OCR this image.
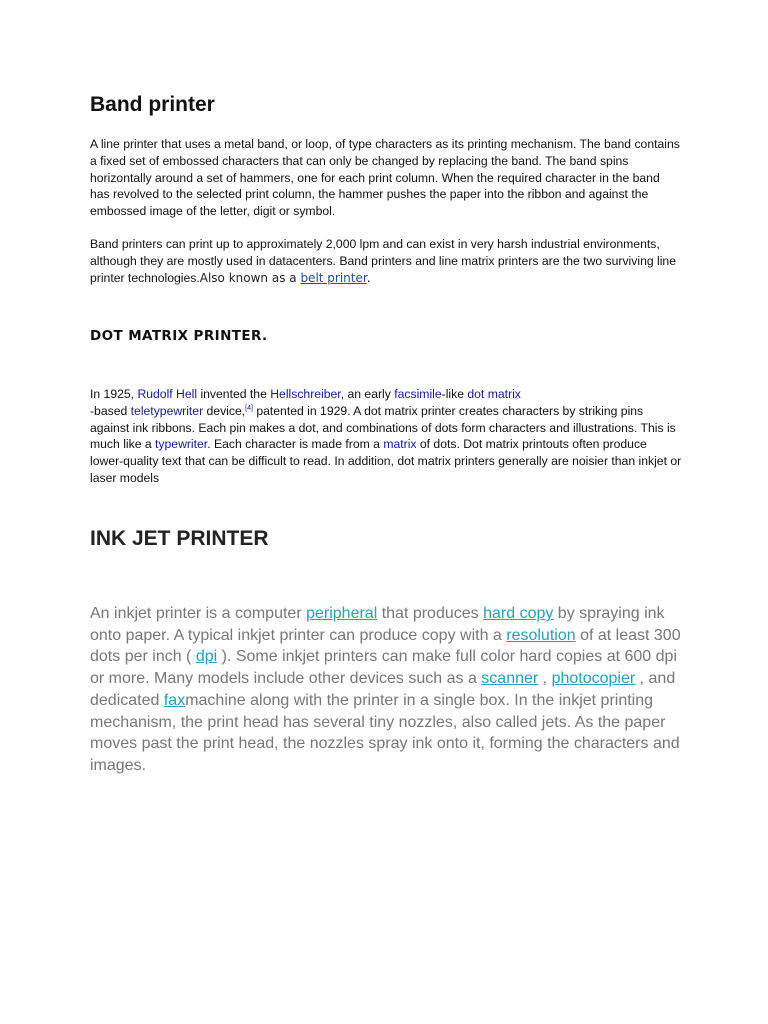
Band printer

A line printer that uses a metal band, or loop, of type characters as its printing mechanism. The band contains a fixed set of embossed characters that can only be changed by replacing the band. The band spins horizontally around a set of hammers, one for each print column. When the required character in the band has revolved to the selected print column, the hammer pushes the paper into the ribbon and against the embossed image of the letter, digit or symbol.

Band printers can print up to approximately 2,000 lpm and can exist in very harsh industrial environments, although they are mostly used in datacenters. Band printers and line matrix printers are the two surviving line printer technologies.Also known as a belt printer.

DOT MATRIX PRINTER.

In 1925, Rudolf Hell invented the Hellschreiber, an early facsimile-like dot matrix
-based teletypewriter device,[4] patented in 1929. A dot matrix printer creates characters by striking pins against ink ribbons. Each pin makes a dot, and combinations of dots form characters and illustrations. This is much like a typewriter. Each character is made from a matrix of dots. Dot matrix printouts often produce lower-quality text that can be difficult to read. In addition, dot matrix printers generally are noisier than inkjet or laser models

INK JET PRINTER

An inkjet printer is a computer peripheral that produces hard copy by spraying ink onto paper. A typical inkjet printer can produce copy with a resolution of at least 300 dots per inch ( dpi ). Some inkjet printers can make full color hard copies at 600 dpi or more. Many models include other devices such as a scanner , photocopier , and dedicated faxmachine along with the printer in a single box. In the inkjet printing mechanism, the print head has several tiny nozzles, also called jets. As the paper moves past the print head, the nozzles spray ink onto it, forming the characters and images.
